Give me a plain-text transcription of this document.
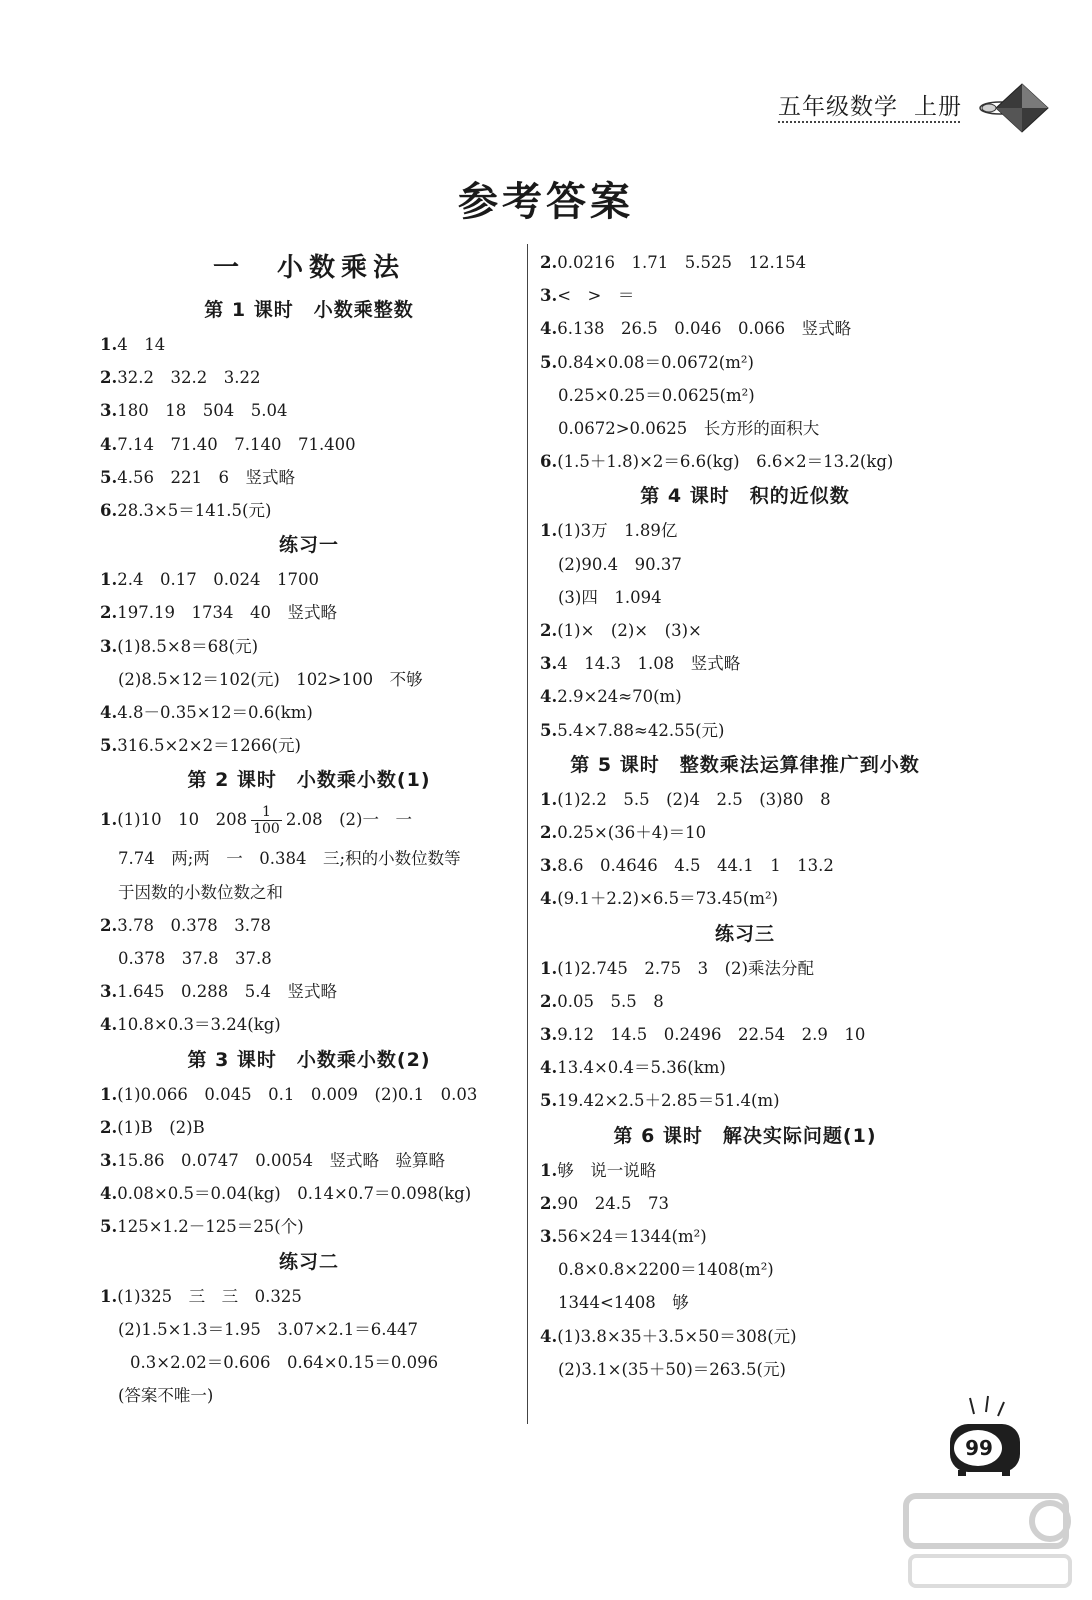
五年级数学 上册
参考答案
一　小数乘法
第 1 课时　小数乘整数
1.4　14
2.32.2　32.2　3.22
3.180　18　504　5.04
4.7.14　71.40　7.140　71.400
5.4.56　221　6　竖式略
6.28.3×5＝141.5(元)
练习一
1.2.4　0.17　0.024　1700
2.197.19　1734　40　竖式略
3.(1)8.5×8＝68(元)
(2)8.5×12＝102(元)　102>100　不够
4.4.8－0.35×12＝0.6(km)
5.316.5×2×2＝1266(元)
第 2 课时　小数乘小数(1)
1.(1)10　10　$208 \frac{1}{100} 2.08$　(2)一　一
7.74　两;两　一　0.384　三;积的小数位数等
于因数的小数位数之和
2.3.78　0.378　3.78
0.378　37.8　37.8
3.1.645　0.288　5.4　竖式略
4.10.8×0.3＝3.24(kg)
第 3 课时　小数乘小数(2)
1.(1)0.066　0.045　0.1　0.009　(2)0.1　0.03
2.(1)B　(2)B
3.15.86　0.0747　0.0054　竖式略　验算略
4.0.08×0.5＝0.04(kg)　0.14×0.7＝0.098(kg)
5.125×1.2－125＝25(个)
练习二
1.(1)325　三　三　0.325
(2)1.5×1.3＝1.95　3.07×2.1＝6.447
0.3×2.02＝0.606　0.64×0.15＝0.096
(答案不唯一)
2.0.0216　1.71　5.525　12.154
3.<　>　＝
4.6.138　26.5　0.046　0.066　竖式略
5.0.84×0.08＝0.0672(m²)
0.25×0.25＝0.0625(m²)
0.0672>0.0625　长方形的面积大
6.(1.5＋1.8)×2＝6.6(kg)　6.6×2＝13.2(kg)
第 4 课时　积的近似数
1.(1)3万　1.89亿
(2)90.4　90.37
(3)四　1.094
2.(1)×　(2)×　(3)×
3.4　14.3　1.08　竖式略
4.2.9×24≈70(m)
5.5.4×7.88≈42.55(元)
第 5 课时　整数乘法运算律推广到小数
1.(1)2.2　5.5　(2)4　2.5　(3)80　8
2.0.25×(36＋4)＝10
3.8.6　0.4646　4.5　44.1　1　13.2
4.(9.1＋2.2)×6.5＝73.45(m²)
练习三
1.(1)2.745　2.75　3　(2)乘法分配
2.0.05　5.5　8
3.9.12　14.5　0.2496　22.54　2.9　10
4.13.4×0.4＝5.36(km)
5.19.42×2.5＋2.85＝51.4(m)
第 6 课时　解决实际问题(1)
1.够　说一说略
2.90　24.5　73
3.56×24＝1344(m²)
0.8×0.8×2200＝1408(m²)
1344<1408　够
4.(1)3.8×35＋3.5×50＝308(元)
(2)3.1×(35＋50)＝263.5(元)
99
